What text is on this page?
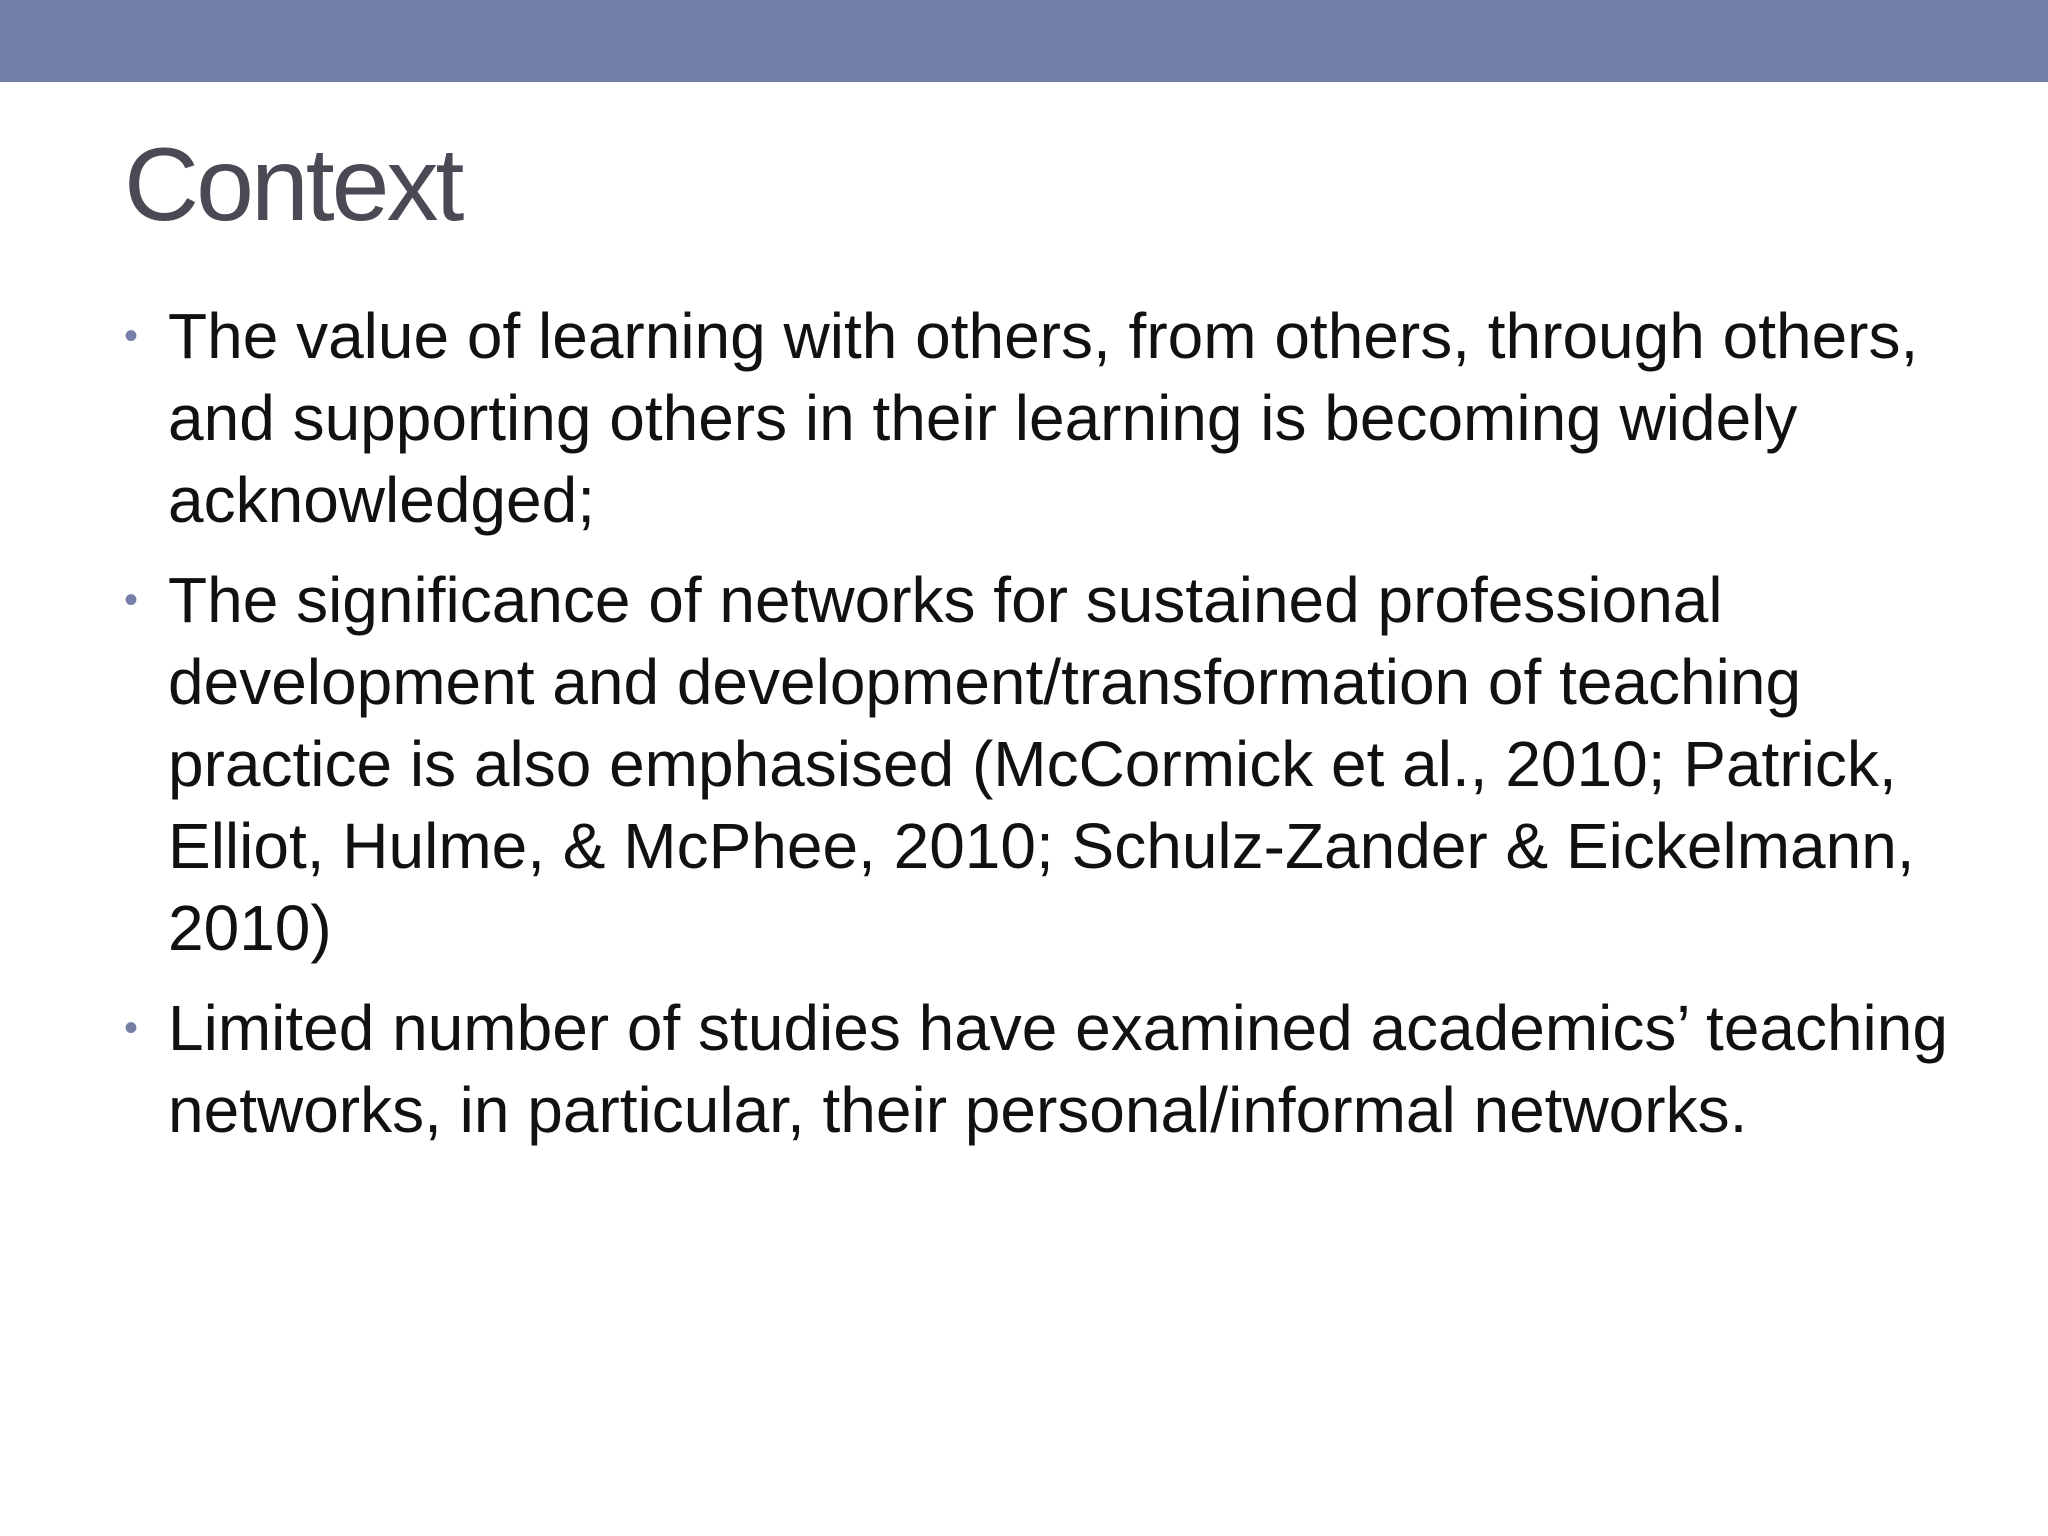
Context
• The value of learning with others, from others, through others, and supporting others in their learning is becoming widely acknowledged;
• The significance of networks for sustained professional development and development/transformation of teaching practice is also emphasised (McCormick et al., 2010; Patrick, Elliot, Hulme, & McPhee, 2010; Schulz-Zander & Eickelmann, 2010)
• Limited number of studies have examined academics’ teaching networks, in particular, their personal/informal networks.
